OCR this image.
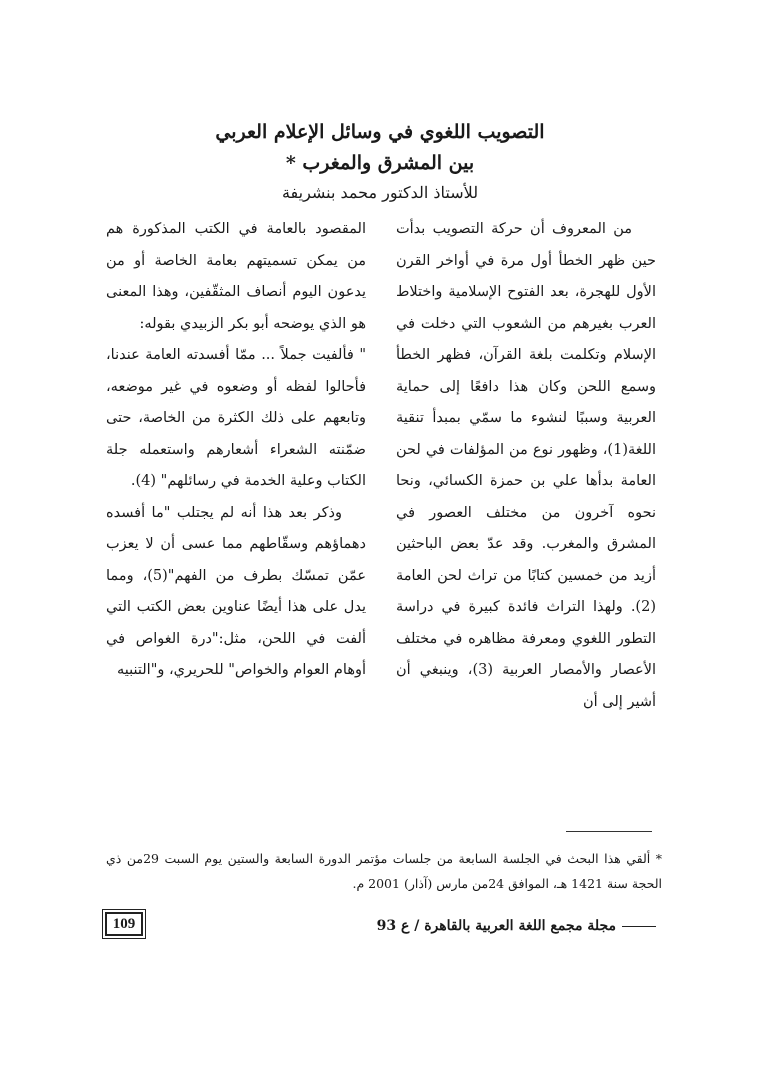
التصويب اللغوي في وسائل الإعلام العربي
بين المشرق والمغرب *
للأستاذ الدكتور محمد بنشريفة

من المعروف أن حركة التصويب بدأت حين ظهر الخطأ أول مرة في أواخر القرن الأول للهجرة، بعد الفتوح الإسلامية واختلاط العرب بغيرهم من الشعوب التي دخلت في الإسلام وتكلمت بلغة القرآن، فظهر الخطأ وسمع اللحن وكان هذا دافعًا إلى حماية العربية وسببًا لنشوء ما سمّي بمبدأ تنقية اللغة(1)، وظهور نوع من المؤلفات في لحن العامة بدأها علي بن حمزة الكسائي، ونحا نحوه آخرون من مختلف العصور في المشرق والمغرب. وقد عدّ بعض الباحثين أزيد من خمسين كتابًا من تراث لحن العامة (2). ولهذا التراث فائدة كبيرة في دراسة التطور اللغوي ومعرفة مظاهره في مختلف الأعصار والأمصار العربية (3)، وينبغي أن أشير إلى أن

المقصود بالعامة في الكتب المذكورة هم من يمكن تسميتهم بعامة الخاصة أو من يدعون اليوم أنصاف المثقّفين، وهذا المعنى هو الذي يوضحه أبو بكر الزبيدي بقوله:

" فألفيت جملاً ... ممّا أفسدته العامة عندنا، فأحالوا لفظه أو وضعوه في غير موضعه، وتابعهم على ذلك الكثرة من الخاصة، حتى ضمّنته الشعراء أشعارهم واستعمله جلة الكتاب وعلية الخدمة في رسائلهم" (4).

وذكر بعد هذا أنه لم يجتلب "ما أفسده دهماؤهم وسقّاطهم مما عسى أن لا يعزب عمّن تمسّك بطرف من الفهم"(5)، ومما يدل على هذا أيضًا عناوين بعض الكتب التي ألفت في اللحن، مثل:"درة الغواص في أوهام العوام والخواص" للحريري، و"التنبيه

* ألقي هذا البحث في الجلسة السابعة من جلسات مؤتمر الدورة السابعة والستين يوم السبت 29من ذي الحجة سنة 1421 هـ، الموافق 24من مارس (آذار) 2001 م.
مجلة مجمع اللغة العربية بالقاهرة / ع 93
109
